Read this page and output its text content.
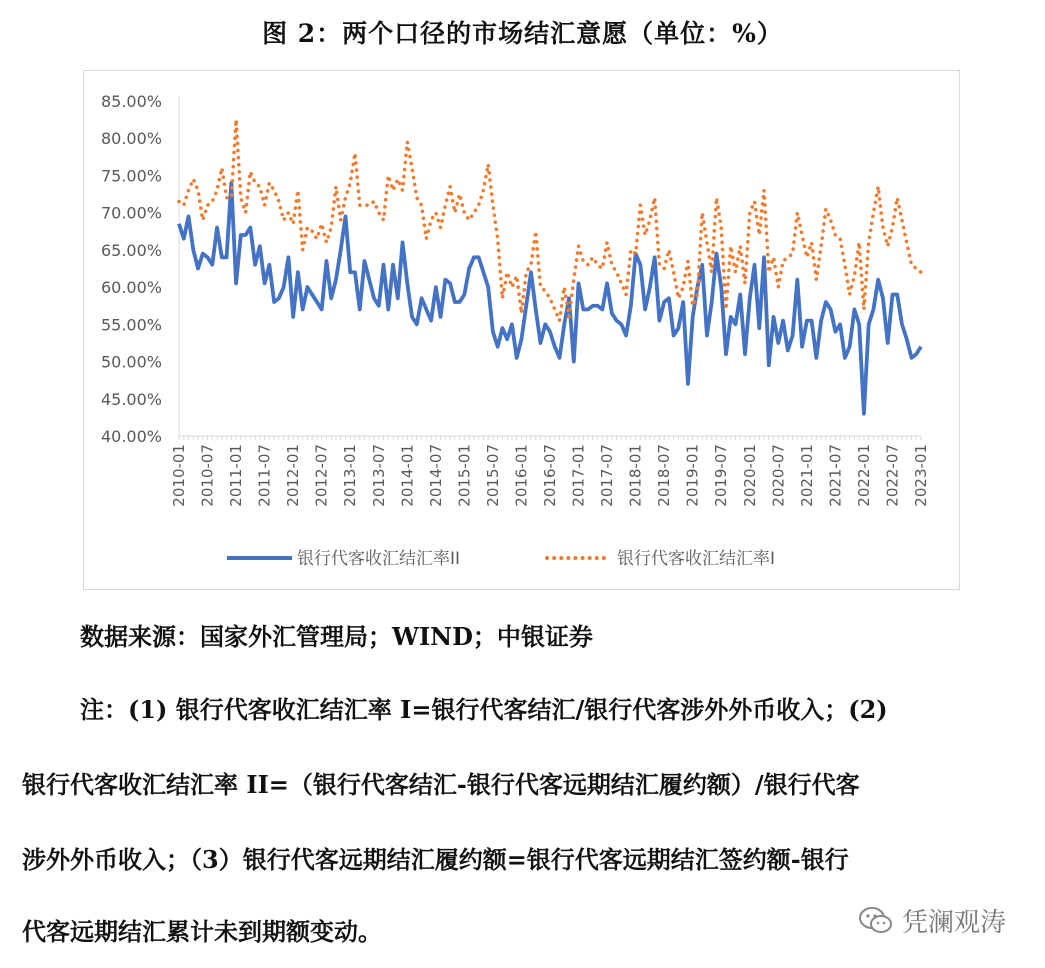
图 2：两个口径的市场结汇意愿（单位：%）
40.00%
45.00%
50.00%
55.00%
60.00%
65.00%
70.00%
75.00%
80.00%
85.00%
2010-01 2010-07 2011-01 2011-07 2012-01 2012-07 2013-01 2013-07 2014-01 2014-07 2015-01 2015-07 2016-01 2016-07 2017-01 2017-07 2018-01 2018-07 2019-01 2019-07 2020-01 2020-07 2021-01 2021-07 2022-01 2022-07 2023-01
银行代客收汇结汇率II	银行代客收汇结汇率I
数据来源：国家外汇管理局；WIND；中银证券
注：(1) 银行代客收汇结汇率 I=银行代客结汇/银行代客涉外外币收入；(2)
银行代客收汇结汇率 II=（银行代客结汇-银行代客远期结汇履约额）/银行代客
涉外外币收入；（3）银行代客远期结汇履约额=银行代客远期结汇签约额-银行
代客远期结汇累计未到期额变动。	凭澜观涛
